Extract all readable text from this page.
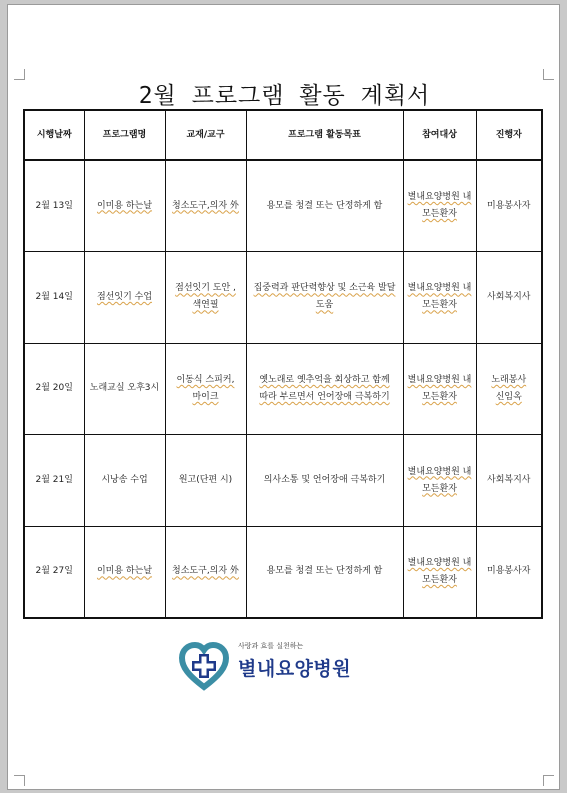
2월 프로그램 활동 계획서
시행날짜	프로그램명	교재/교구	프로그램 활동목표	참여대상	진행자
2월 13일	이미용 하는날	청소도구,의자 外	용모를 청결 또는 단정하게 함	별내요양병원 내 모든환자	미용봉사자
2월 14일	점선잇기 수업	점선잇기 도안 ,색연필	집중력과 판단력향상 및 소근육 발달 도움	별내요양병원 내 모든환자	사회복지사
2월 20일	노래교실 오후3시	이동식 스피커,마이크	옛노래로 옛추억을 회상하고 함께 따라 부르면서 언어장애 극복하기	별내요양병원 내 모든환자	노래봉사 신임옥
2월 21일	시낭송 수업	원고(단편 시)	의사소통 및 언어장애 극복하기	별내요양병원 내 모든환자	사회복지사
2월 27일	이미용 하는날	청소도구,의자 外	용모를 청결 또는 단정하게 함	별내요양병원 내 모든환자	미용봉사자
사랑과 효를 실천하는
별내요양병원
